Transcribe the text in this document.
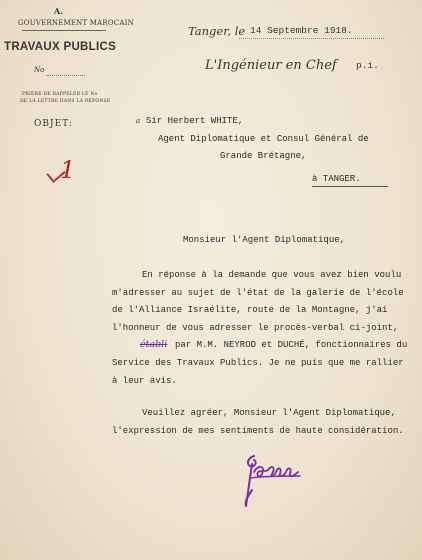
A.
GOUVERNEMENT MAROCAIN
TRAVAUX PUBLICS
No
PRIÈRE DE RAPPELER LE No
DE LA LETTRE DANS LA RÉPONSE
OBJET:
1
Tanger, le 14 Septembre 1918.
L'Ingénieur en Chef p.i.
a Sir Herbert WHITE,
Agent Diplomatique et Consul Général de
Grande Brétagne,
à TANGER.
Monsieur l'Agent Diplomatique,
En réponse à la demande que vous avez bien voulu
m'adresser au sujet de l'état de la galerie de l'école
de l'Alliance Israélite, route de la Montagne, j'ai
l'honneur de vous adresser le procès-verbal ci-joint,
établi par M.M. NEYROD et DUCHÉ, fonctionnaires du
Service des Travaux Publics. Je ne puis que me rallier
à leur avis.
Veuillez agréer, Monsieur l'Agent Diplomatique,
l'expression de mes sentiments de haute considération.
